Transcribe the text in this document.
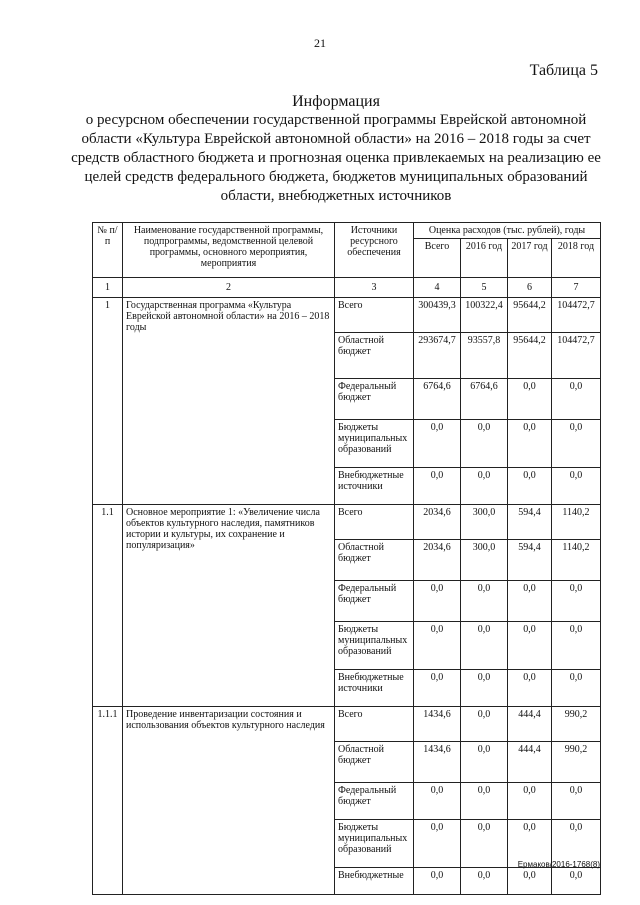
21
Таблица 5
Информация
о ресурсном обеспечении государственной программы Еврейской автономной области «Культура Еврейской автономной области» на 2016 – 2018 годы за счет средств областного бюджета и прогнозная оценка привлекаемых на реализацию ее целей средств федерального бюджета, бюджетов муниципальных образований области, внебюджетных источников
№ п/п	Наименование государственной программы, подпрограммы, ведомственной целевой программы, основного мероприятия, мероприятия	Источники ресурсного обеспечения	Оценка расходов (тыс. рублей), годы			
			Всего	2016 год	2017 год	2018 год
1	2	3	4	5	6	7
1	Государственная программа «Культура Еврейской автономной области» на 2016 – 2018 годы	Всего	300439,3	100322,4	95644,2	104472,7
		Областной бюджет	293674,7	93557,8	95644,2	104472,7
		Федеральный бюджет	6764,6	6764,6	0,0	0,0
		Бюджеты муниципальных образований	0,0	0,0	0,0	0,0
		Внебюджетные источники	0,0	0,0	0,0	0,0
1.1	Основное мероприятие 1: «Увеличение числа объектов культурного наследия, памятников истории и культуры, их сохранение и популяризация»	Всего	2034,6	300,0	594,4	1140,2
		Областной бюджет	2034,6	300,0	594,4	1140,2
		Федеральный бюджет	0,0	0,0	0,0	0,0
		Бюджеты муниципальных образований	0,0	0,0	0,0	0,0
		Внебюджетные источники	0,0	0,0	0,0	0,0
1.1.1	Проведение инвентаризации состояния и использования объектов культурного наследия	Всего	1434,6	0,0	444,4	990,2
		Областной бюджет	1434,6	0,0	444,4	990,2
		Федеральный бюджет	0,0	0,0	0,0	0,0
		Бюджеты муниципальных образований	0,0	0,0	0,0	0,0
		Внебюджетные	0,0	0,0	0,0	0,0
Ермаков/2016-1768(8)
